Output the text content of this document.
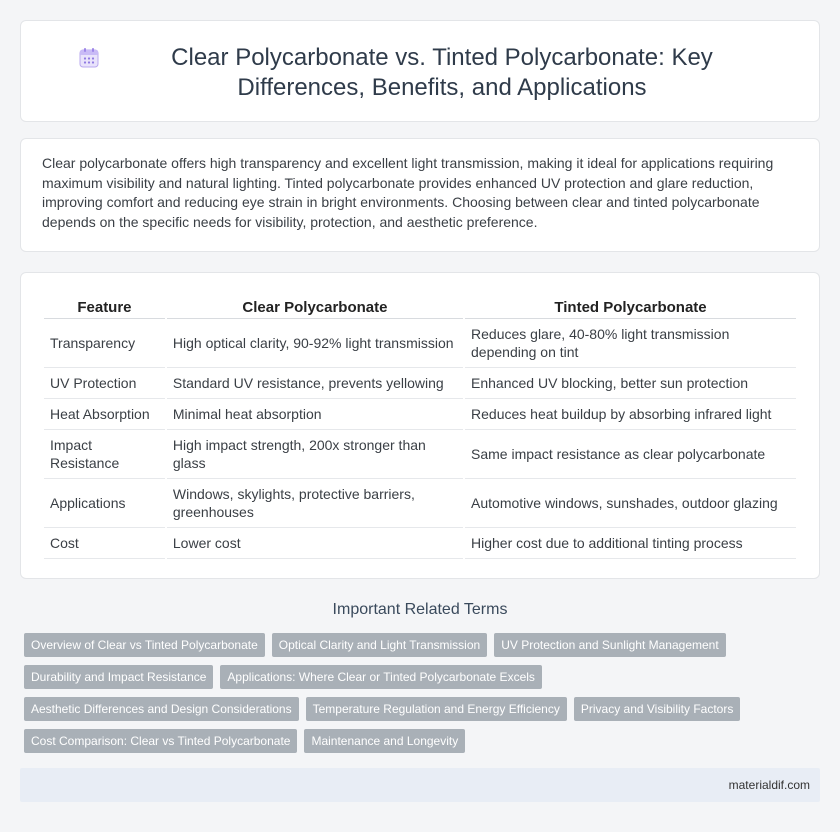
Clear Polycarbonate vs. Tinted Polycarbonate: Key Differences, Benefits, and Applications

Clear polycarbonate offers high transparency and excellent light transmission, making it ideal for applications requiring maximum visibility and natural lighting. Tinted polycarbonate provides enhanced UV protection and glare reduction, improving comfort and reducing eye strain in bright environments. Choosing between clear and tinted polycarbonate depends on the specific needs for visibility, protection, and aesthetic preference.

Feature	Clear Polycarbonate	Tinted Polycarbonate
Transparency	High optical clarity, 90-92% light transmission	Reduces glare, 40-80% light transmission depending on tint
UV Protection	Standard UV resistance, prevents yellowing	Enhanced UV blocking, better sun protection
Heat Absorption	Minimal heat absorption	Reduces heat buildup by absorbing infrared light
Impact Resistance	High impact strength, 200x stronger than glass	Same impact resistance as clear polycarbonate
Applications	Windows, skylights, protective barriers, greenhouses	Automotive windows, sunshades, outdoor glazing
Cost	Lower cost	Higher cost due to additional tinting process
Important Related Terms
Overview of Clear vs Tinted Polycarbonate	Optical Clarity and Light Transmission	UV Protection and Sunlight Management
Durability and Impact Resistance	Applications: Where Clear or Tinted Polycarbonate Excels
Aesthetic Differences and Design Considerations	Temperature Regulation and Energy Efficiency	Privacy and Visibility Factors
Cost Comparison: Clear vs Tinted Polycarbonate	Maintenance and Longevity
materialdif.com
